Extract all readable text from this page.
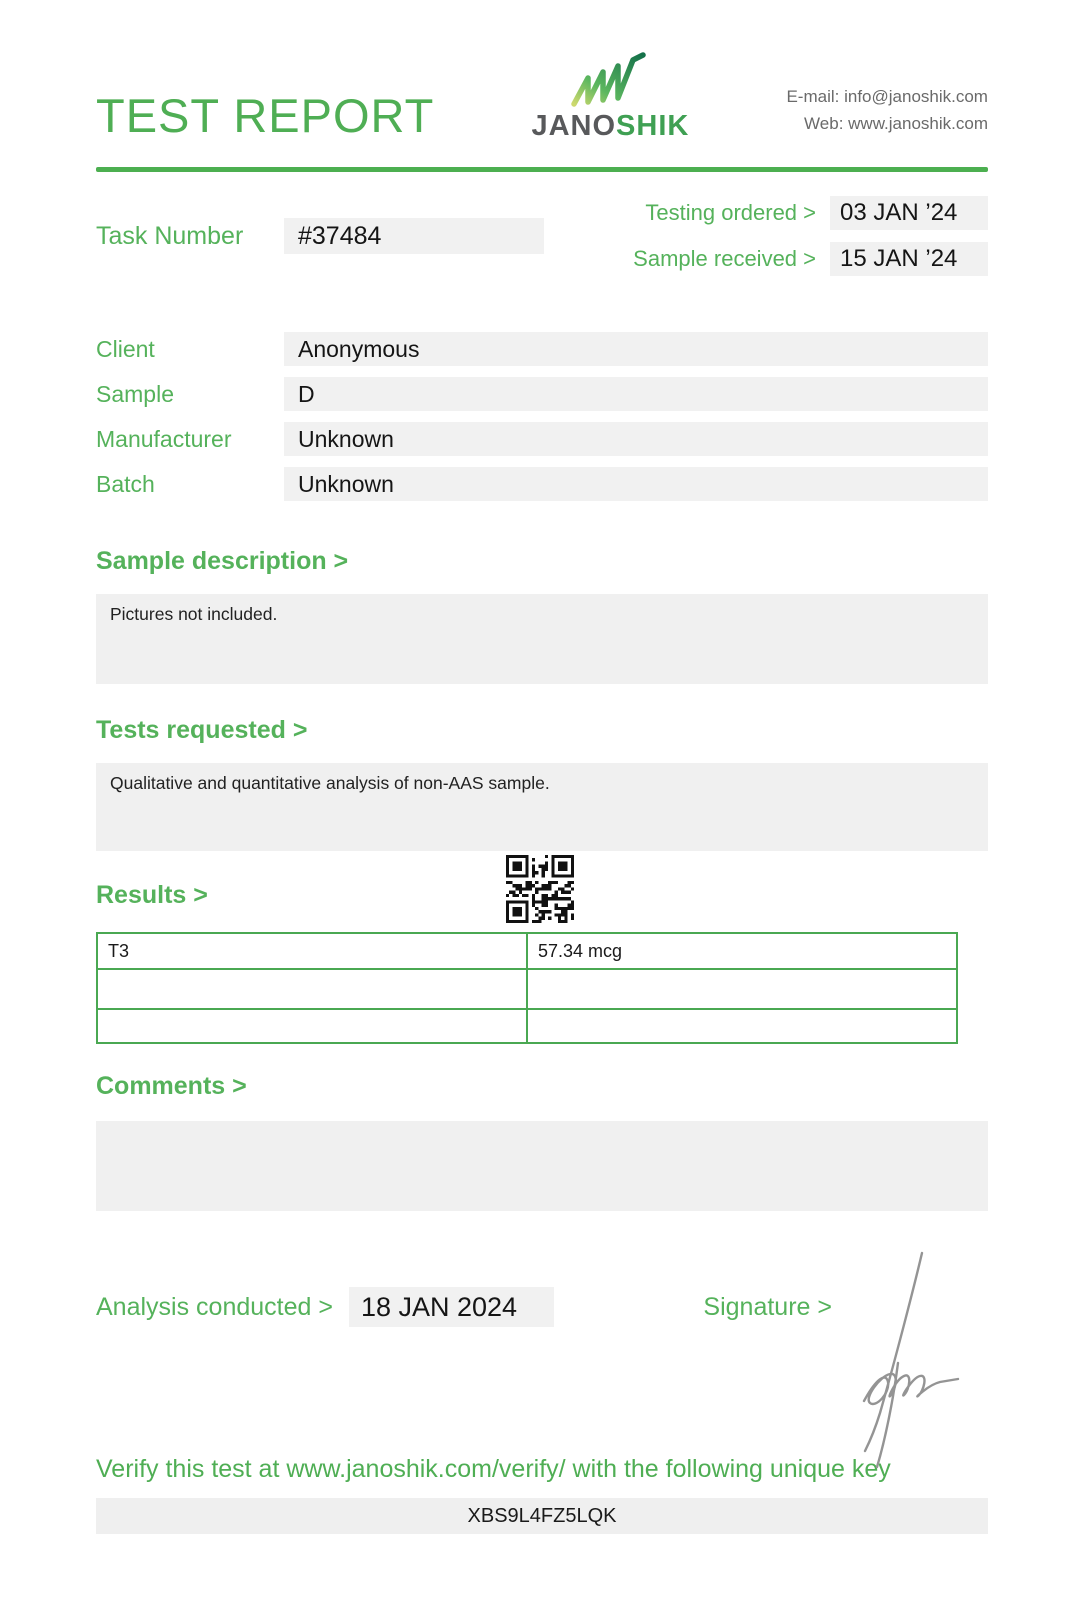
TEST REPORT	JANOSHIK
E-mail: info@janoshik.com
Web: www.janoshik.com
Task Number	#37484
Testing ordered >	03 JAN ’24
Sample received >	15 JAN ’24
Client	Anonymous
Sample	D
Manufacturer	Unknown
Batch	Unknown
Sample description >
Pictures not included.
Tests requested >
Qualitative and quantitative analysis of non-AAS sample.
Results >
T3	57.34 mcg

Comments >
Analysis conducted >	18 JAN 2024	Signature >
Verify this test at www.janoshik.com/verify/ with the following unique key
XBS9L4FZ5LQK
